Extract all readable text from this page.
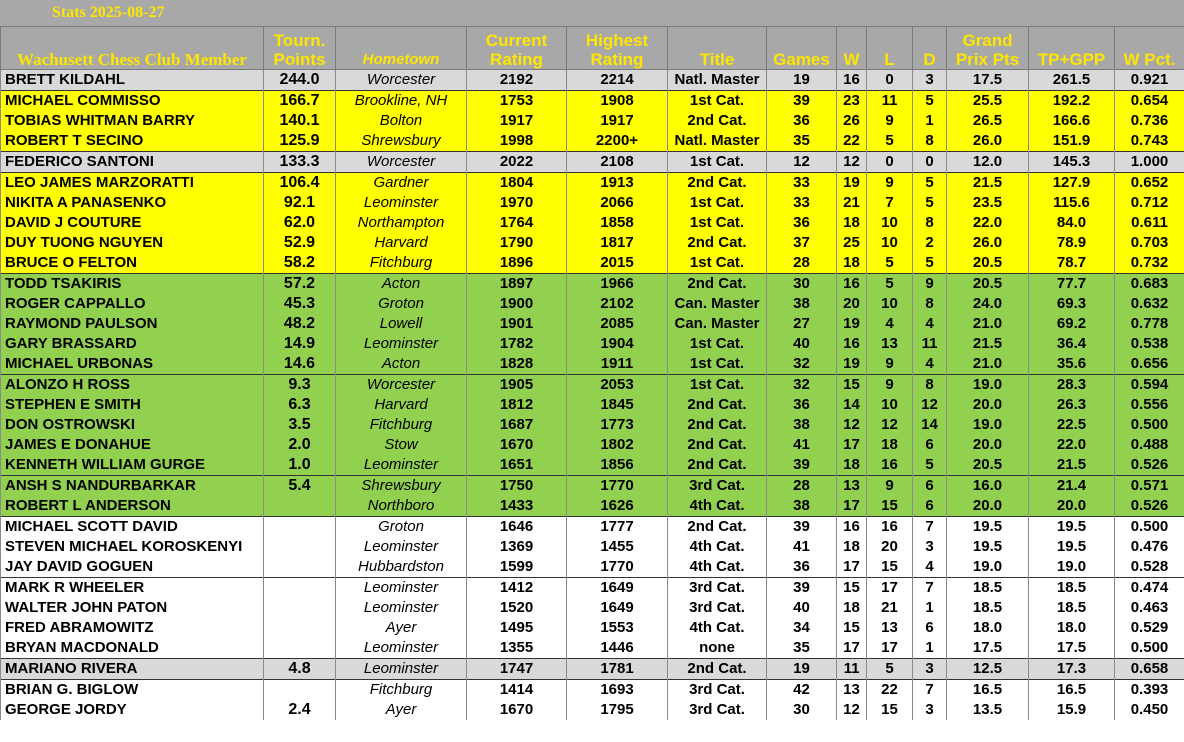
Stats 2025-08-27
Wachusett Chess Club Member	Tourn. Points	Hometown	Current Rating	Highest Rating	Title	Games	W	L	D	Grand Prix Pts	TP+GPP	W Pct.
BRETT KILDAHL	244.0	Worcester	2192	2214	Natl. Master	19	16	0	3	17.5	261.5	0.921
MICHAEL COMMISSO	166.7	Brookline, NH	1753	1908	1st Cat.	39	23	11	5	25.5	192.2	0.654
TOBIAS WHITMAN BARRY	140.1	Bolton	1917	1917	2nd Cat.	36	26	9	1	26.5	166.6	0.736
ROBERT T SECINO	125.9	Shrewsbury	1998	2200+	Natl. Master	35	22	5	8	26.0	151.9	0.743
FEDERICO SANTONI	133.3	Worcester	2022	2108	1st Cat.	12	12	0	0	12.0	145.3	1.000
LEO JAMES MARZORATTI	106.4	Gardner	1804	1913	2nd Cat.	33	19	9	5	21.5	127.9	0.652
NIKITA A PANASENKO	92.1	Leominster	1970	2066	1st Cat.	33	21	7	5	23.5	115.6	0.712
DAVID J COUTURE	62.0	Northampton	1764	1858	1st Cat.	36	18	10	8	22.0	84.0	0.611
DUY TUONG NGUYEN	52.9	Harvard	1790	1817	2nd Cat.	37	25	10	2	26.0	78.9	0.703
BRUCE O FELTON	58.2	Fitchburg	1896	2015	1st Cat.	28	18	5	5	20.5	78.7	0.732
TODD TSAKIRIS	57.2	Acton	1897	1966	2nd Cat.	30	16	5	9	20.5	77.7	0.683
ROGER CAPPALLO	45.3	Groton	1900	2102	Can. Master	38	20	10	8	24.0	69.3	0.632
RAYMOND PAULSON	48.2	Lowell	1901	2085	Can. Master	27	19	4	4	21.0	69.2	0.778
GARY BRASSARD	14.9	Leominster	1782	1904	1st Cat.	40	16	13	11	21.5	36.4	0.538
MICHAEL URBONAS	14.6	Acton	1828	1911	1st Cat.	32	19	9	4	21.0	35.6	0.656
ALONZO H ROSS	9.3	Worcester	1905	2053	1st Cat.	32	15	9	8	19.0	28.3	0.594
STEPHEN E SMITH	6.3	Harvard	1812	1845	2nd Cat.	36	14	10	12	20.0	26.3	0.556
DON OSTROWSKI	3.5	Fitchburg	1687	1773	2nd Cat.	38	12	12	14	19.0	22.5	0.500
JAMES E DONAHUE	2.0	Stow	1670	1802	2nd Cat.	41	17	18	6	20.0	22.0	0.488
KENNETH WILLIAM GURGE	1.0	Leominster	1651	1856	2nd Cat.	39	18	16	5	20.5	21.5	0.526
ANSH S NANDURBARKAR	5.4	Shrewsbury	1750	1770	3rd Cat.	28	13	9	6	16.0	21.4	0.571
ROBERT L ANDERSON		Northboro	1433	1626	4th Cat.	38	17	15	6	20.0	20.0	0.526
MICHAEL SCOTT DAVID		Groton	1646	1777	2nd Cat.	39	16	16	7	19.5	19.5	0.500
STEVEN MICHAEL KOROSKENYI		Leominster	1369	1455	4th Cat.	41	18	20	3	19.5	19.5	0.476
JAY DAVID GOGUEN		Hubbardston	1599	1770	4th Cat.	36	17	15	4	19.0	19.0	0.528
MARK R WHEELER		Leominster	1412	1649	3rd Cat.	39	15	17	7	18.5	18.5	0.474
WALTER JOHN PATON		Leominster	1520	1649	3rd Cat.	40	18	21	1	18.5	18.5	0.463
FRED ABRAMOWITZ		Ayer	1495	1553	4th Cat.	34	15	13	6	18.0	18.0	0.529
BRYAN MACDONALD		Leominster	1355	1446	none	35	17	17	1	17.5	17.5	0.500
MARIANO RIVERA	4.8	Leominster	1747	1781	2nd Cat.	19	11	5	3	12.5	17.3	0.658
BRIAN G. BIGLOW		Fitchburg	1414	1693	3rd Cat.	42	13	22	7	16.5	16.5	0.393
GEORGE JORDY	2.4	Ayer	1670	1795	3rd Cat.	30	12	15	3	13.5	15.9	0.450
